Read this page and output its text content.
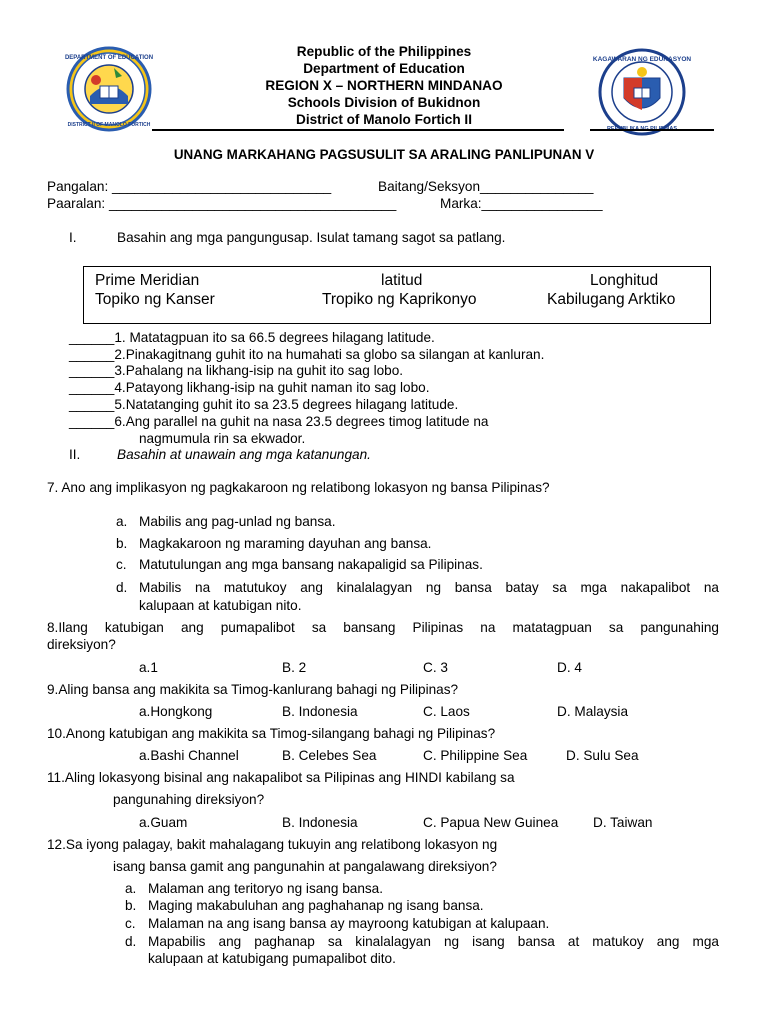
DEPARTMENT OF EDUCATION
DISTRICT II OF MANOLO FORTICH
KAGAWARAN NG EDUKASYON
Republic of the Philippines
Department of Education
REGION X – NORTHERN MINDANAO
Schools Division of Bukidnon
District of Manolo Fortich II
UNANG MARKAHANG PAGSUSULIT SA ARALING PANLIPUNAN V
Pangalan: _____________________________	Baitang/Seksyon_______________
Paaralan: ______________________________________	Marka:________________
I.	Basahin ang mga pangungusap. Isulat tamang sagot sa patlang.
Prime Meridian	latitud	Longhitud
Topiko ng Kanser	Tropiko ng Kaprikonyo	Kabilugang Arktiko
______1. Matatagpuan ito sa 66.5 degrees hilagang latitude.
______2.Pinakagitnang guhit ito na humahati sa globo sa silangan at kanluran.
______3.Pahalang na likhang-isip na guhit ito sag lobo.
______4.Patayong likhang-isip na guhit naman ito sag lobo.
______5.Natatanging guhit ito sa 23.5 degrees hilagang latitude.
______6.Ang parallel na guhit na nasa 23.5 degrees timog latitude na
nagmumula rin sa ekwador.
II.	Basahin at unawain ang mga katanungan.
7. Ano ang implikasyon ng pagkakaroon ng relatibong lokasyon ng bansa Pilipinas?
a. Mabilis ang pag-unlad ng bansa.
b. Magkakaroon ng maraming dayuhan ang bansa.
c. Matutulungan ang mga bansang nakapaligid sa Pilipinas.
d. Mabilis na matutukoy ang kinalalagyan ng bansa batay sa mga nakapalibot na
kalupaan at katubigan nito.
8.Ilang katubigan ang pumapalibot sa bansang Pilipinas na matatagpuan sa pangunahing
direksiyon?
a.1	B. 2	C. 3	D. 4
9.Aling bansa ang makikita sa Timog-kanlurang bahagi ng Pilipinas?
a.Hongkong	B. Indonesia	C. Laos	D. Malaysia
10.Anong katubigan ang makikita sa Timog-silangang bahagi ng Pilipinas?
a.Bashi Channel	B. Celebes Sea	C. Philippine Sea	D. Sulu Sea
11.Aling lokasyong bisinal ang nakapalibot sa Pilipinas ang HINDI kabilang sa
pangunahing direksiyon?
a.Guam	B. Indonesia	C. Papua New Guinea	D. Taiwan
12.Sa iyong palagay, bakit mahalagang tukuyin ang relatibong lokasyon ng
isang bansa gamit ang pangunahin at pangalawang direksiyon?
a. Malaman ang teritoryo ng isang bansa.
b. Maging makabuluhan ang paghahanap ng isang bansa.
c. Malaman na ang isang bansa ay mayroong katubigan at kalupaan.
d. Mapabilis ang paghanap sa kinalalagyan ng isang bansa at matukoy ang mga
kalupaan at katubigang pumapalibot dito.
